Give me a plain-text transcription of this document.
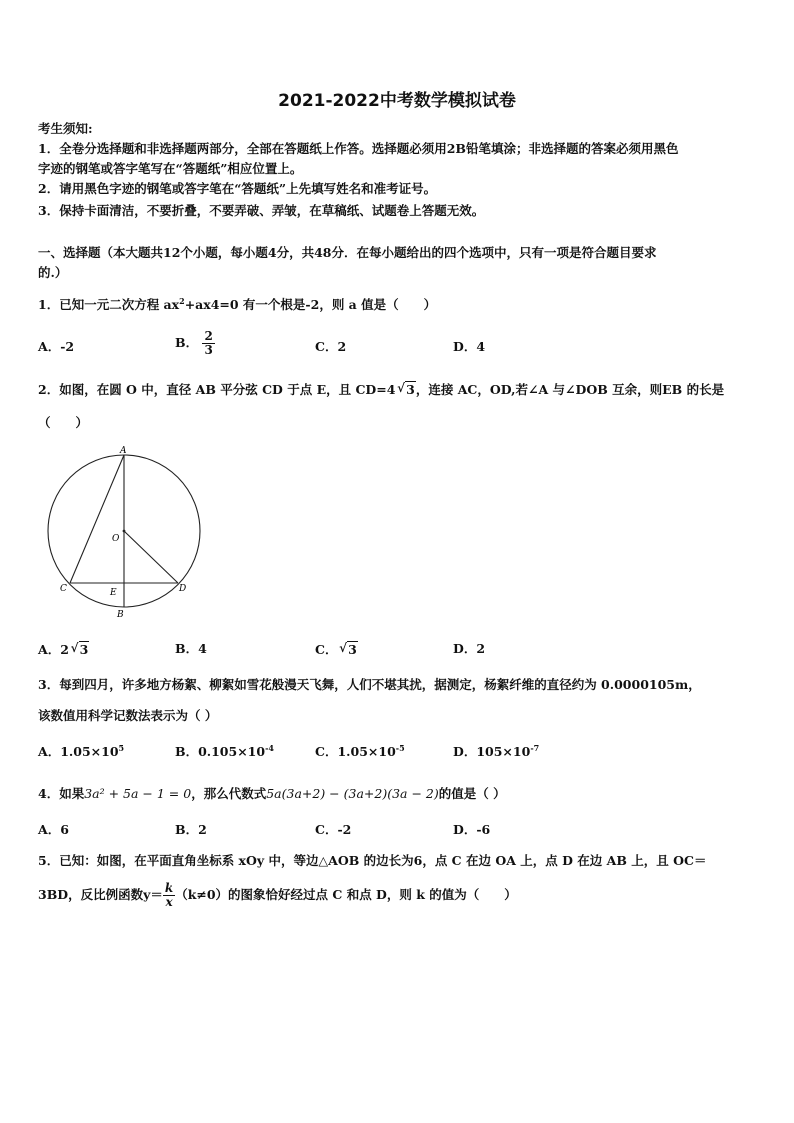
2021-2022中考数学模拟试卷
考生须知:
1．全卷分选择题和非选择题两部分，全部在答题纸上作答。选择题必须用2B铅笔填涂；非选择题的答案必须用黑色
字迹的钢笔或答字笔写在“答题纸”相应位置上。
2．请用黑色字迹的钢笔或答字笔在“答题纸”上先填写姓名和准考证号。
3．保持卡面清洁，不要折叠，不要弄破、弄皱，在草稿纸、试题卷上答题无效。
一、选择题（本大题共12个小题，每小题4分，共48分．在每小题给出的四个选项中，只有一项是符合题目要求
的.）
1．已知一元二次方程 $ax^2+ax4=0$ 有一个根是-2，则 a 值是（　　）
A．-2	B． $\frac{2}{3}$	C．2	D．4
2．如图，在圆 O 中，直径 AB 平分弦 CD 于点 E，且 CD=4 √ 3，连接 AC，OD,若∠A 与∠DOB 互余，则EB 的长是
（　　）
A
O
C	E	D
B
A．2 √ 3	B．4	C． √ 3	D．2
3．每到四月，许多地方杨絮、柳絮如雪花般漫天飞舞，人们不堪其扰，据测定，杨絮纤维的直径约为 0.0000105m，
该数值用科学记数法表示为（ ）
A．$1.05\times 10^5$	B．$0.105\times 10^{-4}$	C．$1.05\times 10^{-5}$	D．$105\times 10^{-7}$
4．如果3a² + 5a − 1 = 0，那么代数式5a(3a+2) − (3a+2)(3a − 2)的值是（ ）
A．6	B．2	C．-2	D．-6
5．已知：如图，在平面直角坐标系 xOy 中，等边△AOB 的边长为6，点 C 在边 OA 上，点 D 在边 AB 上，且 OC＝
3BD，反比例函数$y= \frac{k}{x} (k\ne 0)$的图象恰好经过点 C 和点 D，则 k 的值为（　　）
